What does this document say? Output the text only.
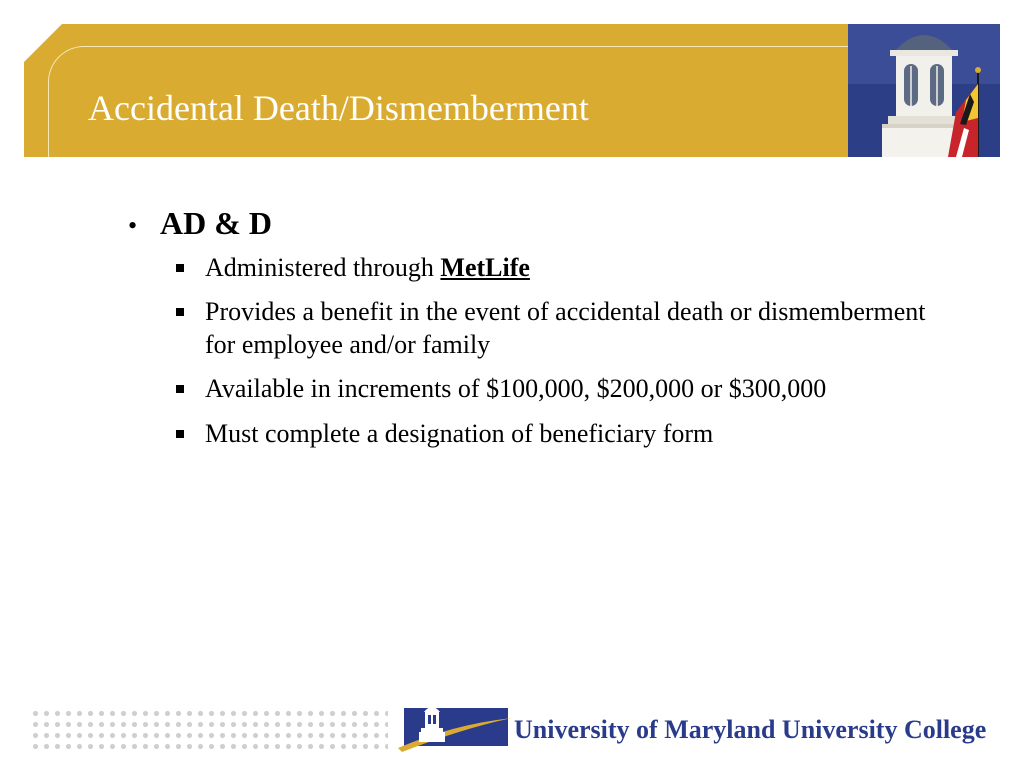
Accidental Death/Dismemberment

• AD & D

Administered through MetLife
Provides a benefit in the event of accidental death or dismemberment for employee and/or family
Available in increments of $100,000, $200,000 or $300,000
Must complete a designation of beneficiary form

University of Maryland University College
